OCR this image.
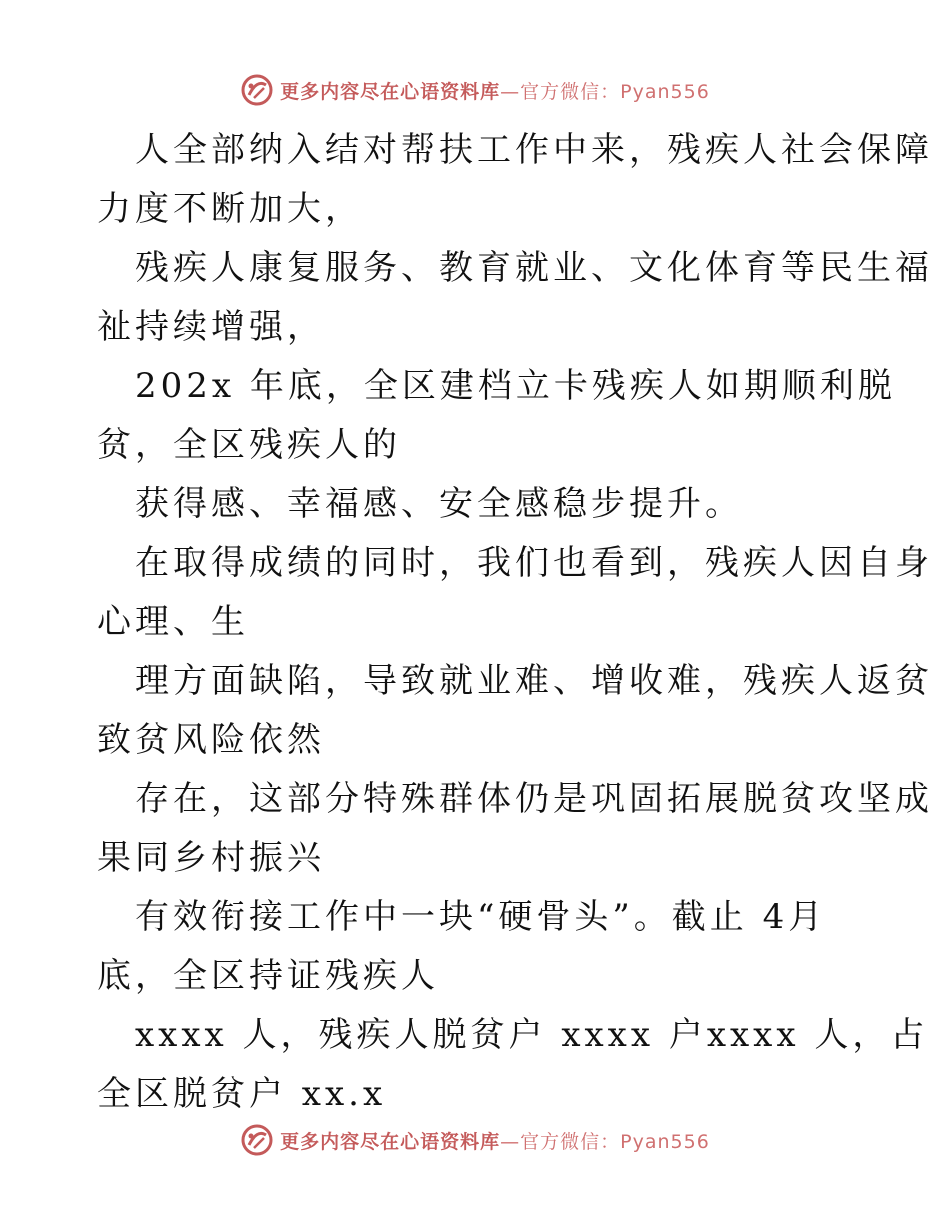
更多内容尽在心语资料库 —官方微信：Pyan556
人全部纳入结对帮扶工作中来，残疾人社会保障
力度不断加大，
残疾人康复服务、教育就业、文化体育等民生福
祉持续增强，
202x 年底，全区建档立卡残疾人如期顺利脱
贫，全区残疾人的
获得感、幸福感、安全感稳步提升。
在取得成绩的同时，我们也看到，残疾人因自身
心理、生
理方面缺陷，导致就业难、增收难，残疾人返贫
致贫风险依然
存在，这部分特殊群体仍是巩固拓展脱贫攻坚成
果同乡村振兴
有效衔接工作中一块“硬骨头”。截止 4月
底，全区持证残疾人
xxxx 人，残疾人脱贫户 xxxx 户xxxx 人，占
全区脱贫户 xx.x
更多内容尽在心语资料库 —官方微信：Pyan556
